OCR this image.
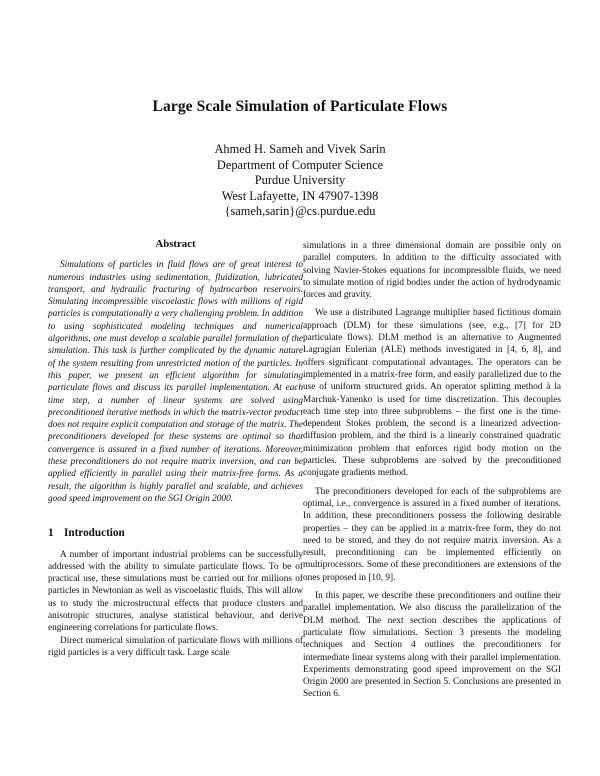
Large Scale Simulation of Particulate Flows
Ahmed H. Sameh and Vivek Sarin
Department of Computer Science
Purdue University
West Lafayette, IN 47907-1398
{sameh,sarin}@cs.purdue.edu
Abstract

Simulations of particles in fluid flows are of great interest to numerous industries using sedimentation, fluidization, lubricated transport, and hydraulic fracturing of hydrocarbon reservoirs. Simulating incompressible viscoelastic flows with millions of rigid particles is computationally a very challenging problem. In addition to using sophisticated modeling techniques and numerical algorithms, one must develop a scalable parallel formulation of the simulation. This task is further complicated by the dynamic nature of the system resulting from unrestricted motion of the particles. In this paper, we present an efficient algorithm for simulating particulate flows and discuss its parallel implementation. At each time step, a number of linear systems are solved using preconditioned iterative methods in which the matrix-vector product does not require explicit computation and storage of the matrix. The preconditioners developed for these systems are optimal so that convergence is assured in a fixed number of iterations. Moreover, these preconditioners do not require matrix inversion, and can be applied efficiently in parallel using their matrix-free forms. As a result, the algorithm is highly parallel and scalable, and achieves good speed improvement on the SGI Origin 2000.

1 Introduction

A number of important industrial problems can be successfully addressed with the ability to simulate particulate flows. To be of practical use, these simulations must be carried out for millions of particles in Newtonian as well as viscoelastic fluids. This will allow us to study the microstructural effects that produce clusters and anisotropic structures, analyse statistical behaviour, and derive engineering correlations for particulate flows.

Direct numerical simulation of particulate flows with millions of rigid particles is a very difficult task. Large scale

simulations in a three dimensional domain are possible only on parallel computers. In addition to the difficulty associated with solving Navier-Stokes equations for incompressible fluids, we need to simulate motion of rigid bodies under the action of hydrodynamic forces and gravity.

We use a distributed Lagrange multiplier based fictitious domain approach (DLM) for these simulations (see, e.g., [7] for 2D particulate flows). DLM method is an alternative to Augmented Lagragian Eulerian (ALE) methods investigated in [4, 6, 8], and offers significant computational advantages. The operators can be implemented in a matrix-free form, and easily parallelized due to the use of uniform structured grids. An operator splitting method à la Marchuk-Yanenko is used for time discretization. This decouples each time step into three subproblems – the first one is the time-dependent Stokes problem, the second is a linearized advection-diffusion problem, and the third is a linearly constrained quadratic minimization problem that enforces rigid body motion on the particles. These subproblems are solved by the preconditioned conjugate gradients method.

The preconditioners developed for each of the subproblems are optimal, i.e., convergence is assured in a fixed number of iterations. In addition, these preconditioners possess the following desirable properties – they can be applied in a matrix-free form, they do not need to be stored, and they do not require matrix inversion. As a result, preconditioning can be implemented efficiently on multiprocessors. Some of these preconditioners are extensions of the ones proposed in [10, 9].

In this paper, we describe these preconditioners and outline their parallel implementation. We also discuss the parallelization of the DLM method. The next section describes the applications of particulate flow simulations. Section 3 presents the modeling techniques and Section 4 outlines the preconditioners for intermediate linear systems along with their parallel implementation. Experiments demonstrating good speed improvement on the SGI Origin 2000 are presented in Section 5. Conclusions are presented in Section 6.
